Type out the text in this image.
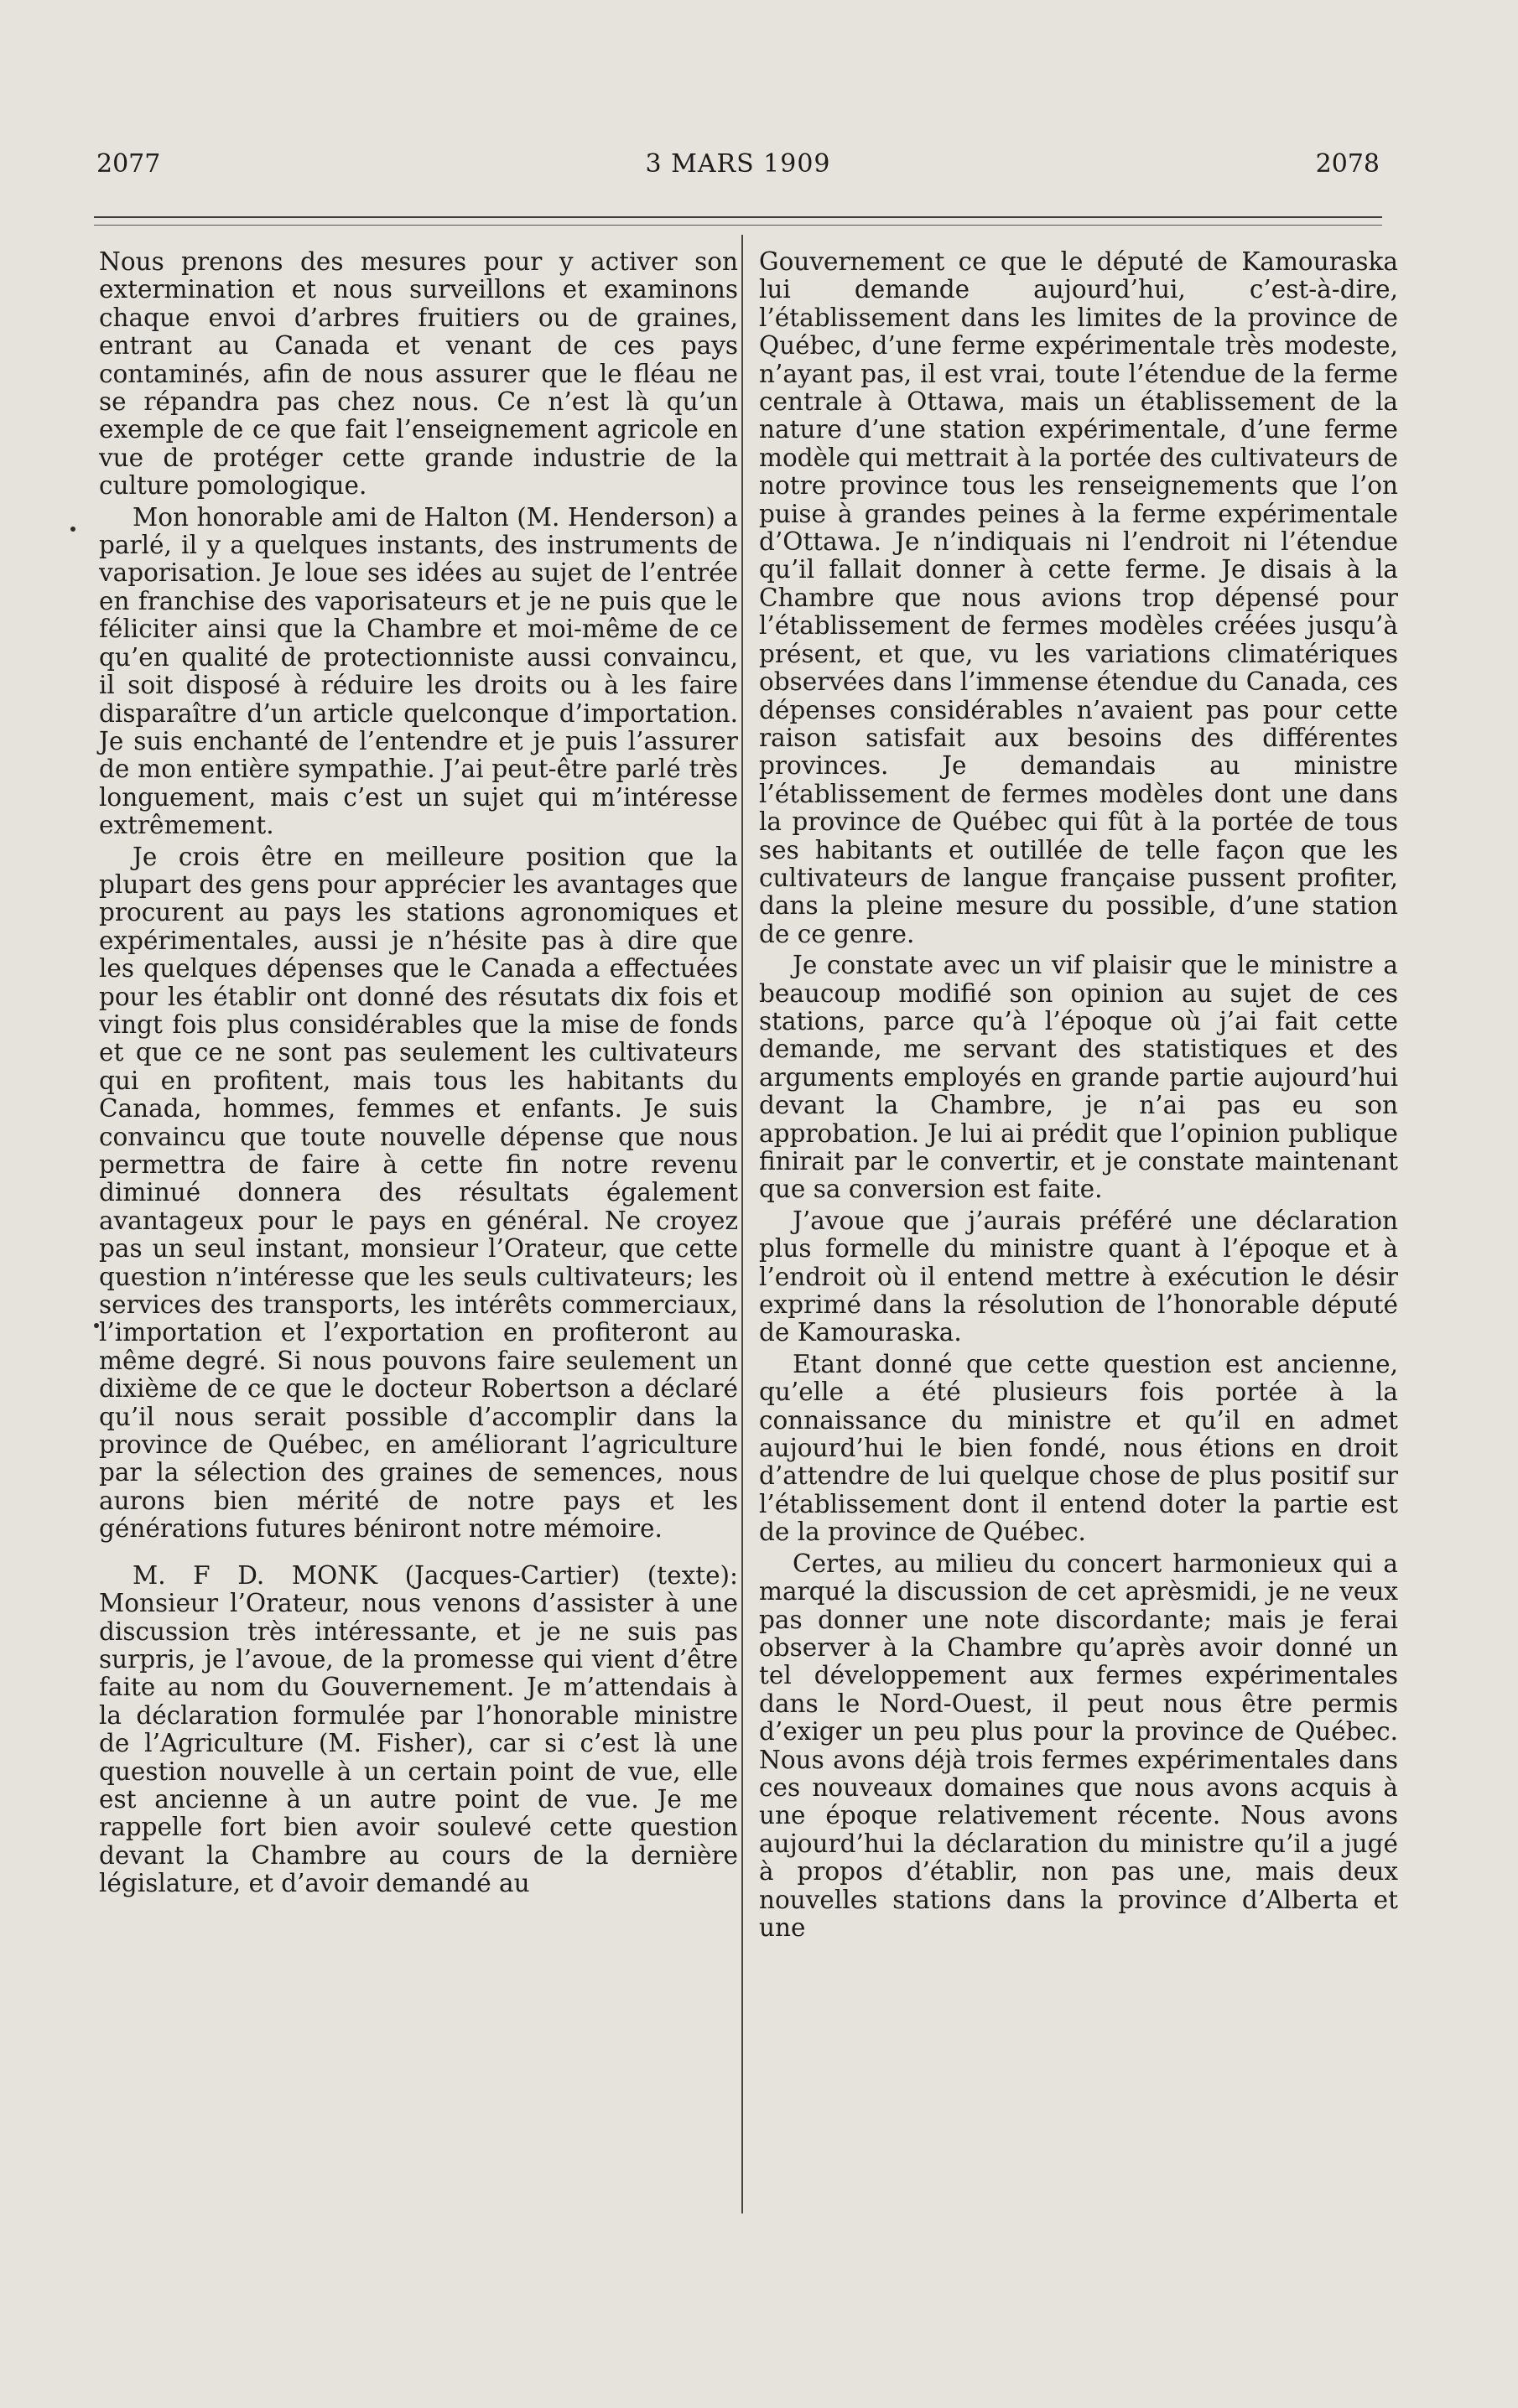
2077	3 MARS 1909	2078

Nous prenons des mesures pour y activer son extermination et nous surveillons et examinons chaque envoi d’arbres fruitiers ou de graines, entrant au Canada et venant de ces pays contaminés, afin de nous assurer que le fléau ne se répandra pas chez nous. Ce n’est là qu’un exemple de ce que fait l’enseignement agricole en vue de protéger cette grande industrie de la culture pomologique.

Mon honorable ami de Halton (M. Henderson) a parlé, il y a quelques instants, des instruments de vaporisation. Je loue ses idées au sujet de l’entrée en franchise des vaporisateurs et je ne puis que le féliciter ainsi que la Chambre et moi-même de ce qu’en qualité de protectionniste aussi convaincu, il soit disposé à réduire les droits ou à les faire disparaître d’un article quelconque d’importation. Je suis enchanté de l’entendre et je puis l’assurer de mon entière sympathie. J’ai peut-être parlé très longuement, mais c’est un sujet qui m’intéresse extrêmement.

Je crois être en meilleure position que la plupart des gens pour apprécier les avantages que procurent au pays les stations agronomiques et expérimentales, aussi je n’hésite pas à dire que les quelques dépenses que le Canada a effectuées pour les établir ont donné des résutats dix fois et vingt fois plus considérables que la mise de fonds et que ce ne sont pas seulement les cultivateurs qui en profitent, mais tous les habitants du Canada, hommes, femmes et enfants. Je suis convaincu que toute nouvelle dépense que nous permettra de faire à cette fin notre revenu diminué donnera des résultats également avantageux pour le pays en général. Ne croyez pas un seul instant, monsieur l’Orateur, que cette question n’intéresse que les seuls cultivateurs; les services des transports, les intérêts commerciaux, l’importation et l’exportation en profiteront au même degré. Si nous pouvons faire seulement un dixième de ce que le docteur Robertson a déclaré qu’il nous serait possible d’accomplir dans la province de Québec, en améliorant l’agriculture par la sélection des graines de semences, nous aurons bien mérité de notre pays et les générations futures béniront notre mémoire.

M. F D. MONK (Jacques-Cartier) (texte): Monsieur l’Orateur, nous venons d’assister à une discussion très intéressante, et je ne suis pas surpris, je l’avoue, de la promesse qui vient d’être faite au nom du Gouvernement. Je m’attendais à la déclaration formulée par l’honorable ministre de l’Agriculture (M. Fisher), car si c’est là une question nouvelle à un certain point de vue, elle est ancienne à un autre point de vue. Je me rappelle fort bien avoir soulevé cette question devant la Chambre au cours de la dernière législature, et d’avoir demandé au

Gouvernement ce que le député de Kamouraska lui demande aujourd’hui, c’est-à-dire, l’établissement dans les limites de la province de Québec, d’une ferme expérimentale très modeste, n’ayant pas, il est vrai, toute l’étendue de la ferme centrale à Ottawa, mais un établissement de la nature d’une station expérimentale, d’une ferme modèle qui mettrait à la portée des cultivateurs de notre province tous les renseignements que l’on puise à grandes peines à la ferme expérimentale d’Ottawa. Je n’indiquais ni l’endroit ni l’étendue qu’il fallait donner à cette ferme. Je disais à la Chambre que nous avions trop dépensé pour l’établissement de fermes modèles créées jusqu’à présent, et que, vu les variations climatériques observées dans l’immense étendue du Canada, ces dépenses considérables n’avaient pas pour cette raison satisfait aux besoins des différentes provinces. Je demandais au ministre l’établissement de fermes modèles dont une dans la province de Québec qui fût à la portée de tous ses habitants et outillée de telle façon que les cultivateurs de langue française pussent profiter, dans la pleine mesure du possible, d’une station de ce genre.

Je constate avec un vif plaisir que le ministre a beaucoup modifié son opinion au sujet de ces stations, parce qu’à l’époque où j’ai fait cette demande, me servant des statistiques et des arguments employés en grande partie aujourd’hui devant la Chambre, je n’ai pas eu son approbation. Je lui ai prédit que l’opinion publique finirait par le convertir, et je constate maintenant que sa conversion est faite.

J’avoue que j’aurais préféré une déclaration plus formelle du ministre quant à l’époque et à l’endroit où il entend mettre à exécution le désir exprimé dans la résolution de l’honorable député de Kamouraska.

Etant donné que cette question est ancienne, qu’elle a été plusieurs fois portée à la connaissance du ministre et qu’il en admet aujourd’hui le bien fondé, nous étions en droit d’attendre de lui quelque chose de plus positif sur l’établissement dont il entend doter la partie est de la province de Québec.

Certes, au milieu du concert harmonieux qui a marqué la discussion de cet aprèsmidi, je ne veux pas donner une note discordante; mais je ferai observer à la Chambre qu’après avoir donné un tel développement aux fermes expérimentales dans le Nord-Ouest, il peut nous être permis d’exiger un peu plus pour la province de Québec. Nous avons déjà trois fermes expérimentales dans ces nouveaux domaines que nous avons acquis à une époque relativement récente. Nous avons aujourd’hui la déclaration du ministre qu’il a jugé à propos d’établir, non pas une, mais deux nouvelles stations dans la province d’Alberta et une
